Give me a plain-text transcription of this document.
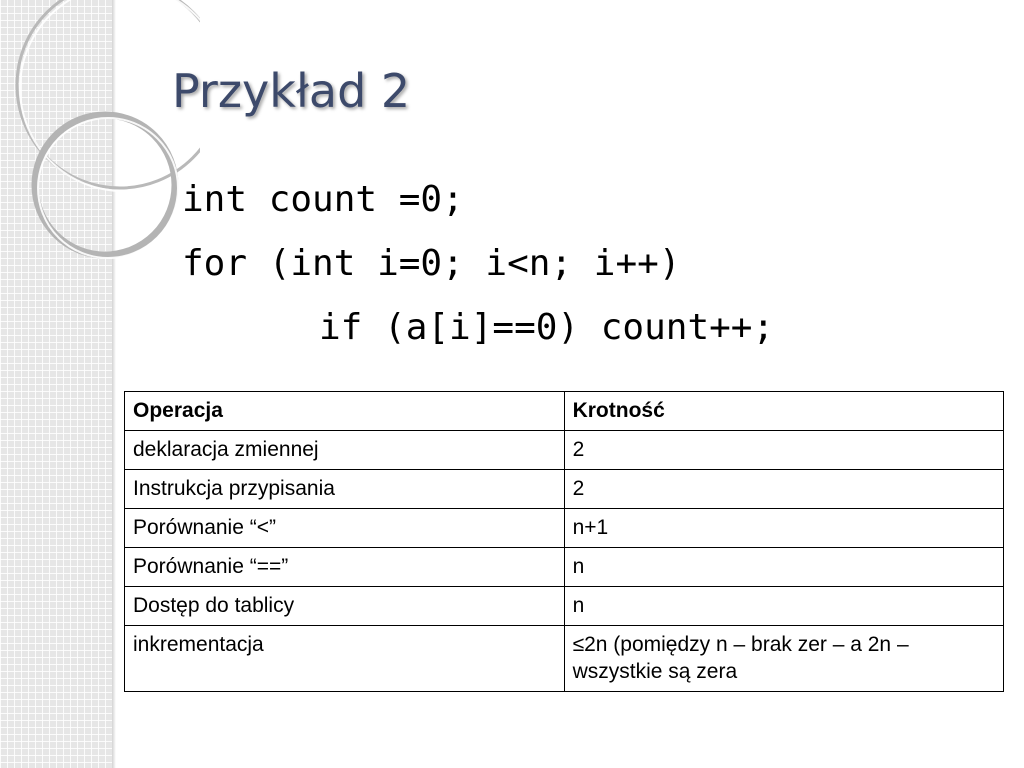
Przykład 2
int count =0;
for (int i=0; i<n; i++)
if (a[i]==0) count++;
Operacja	Krotność
deklaracja zmiennej	2
Instrukcja przypisania	2
Porównanie “<”	n+1
Porównanie “==”	n
Dostęp do tablicy	n
inkrementacja	≤2n (pomiędzy n – brak zer – a 2n – wszystkie są zera
